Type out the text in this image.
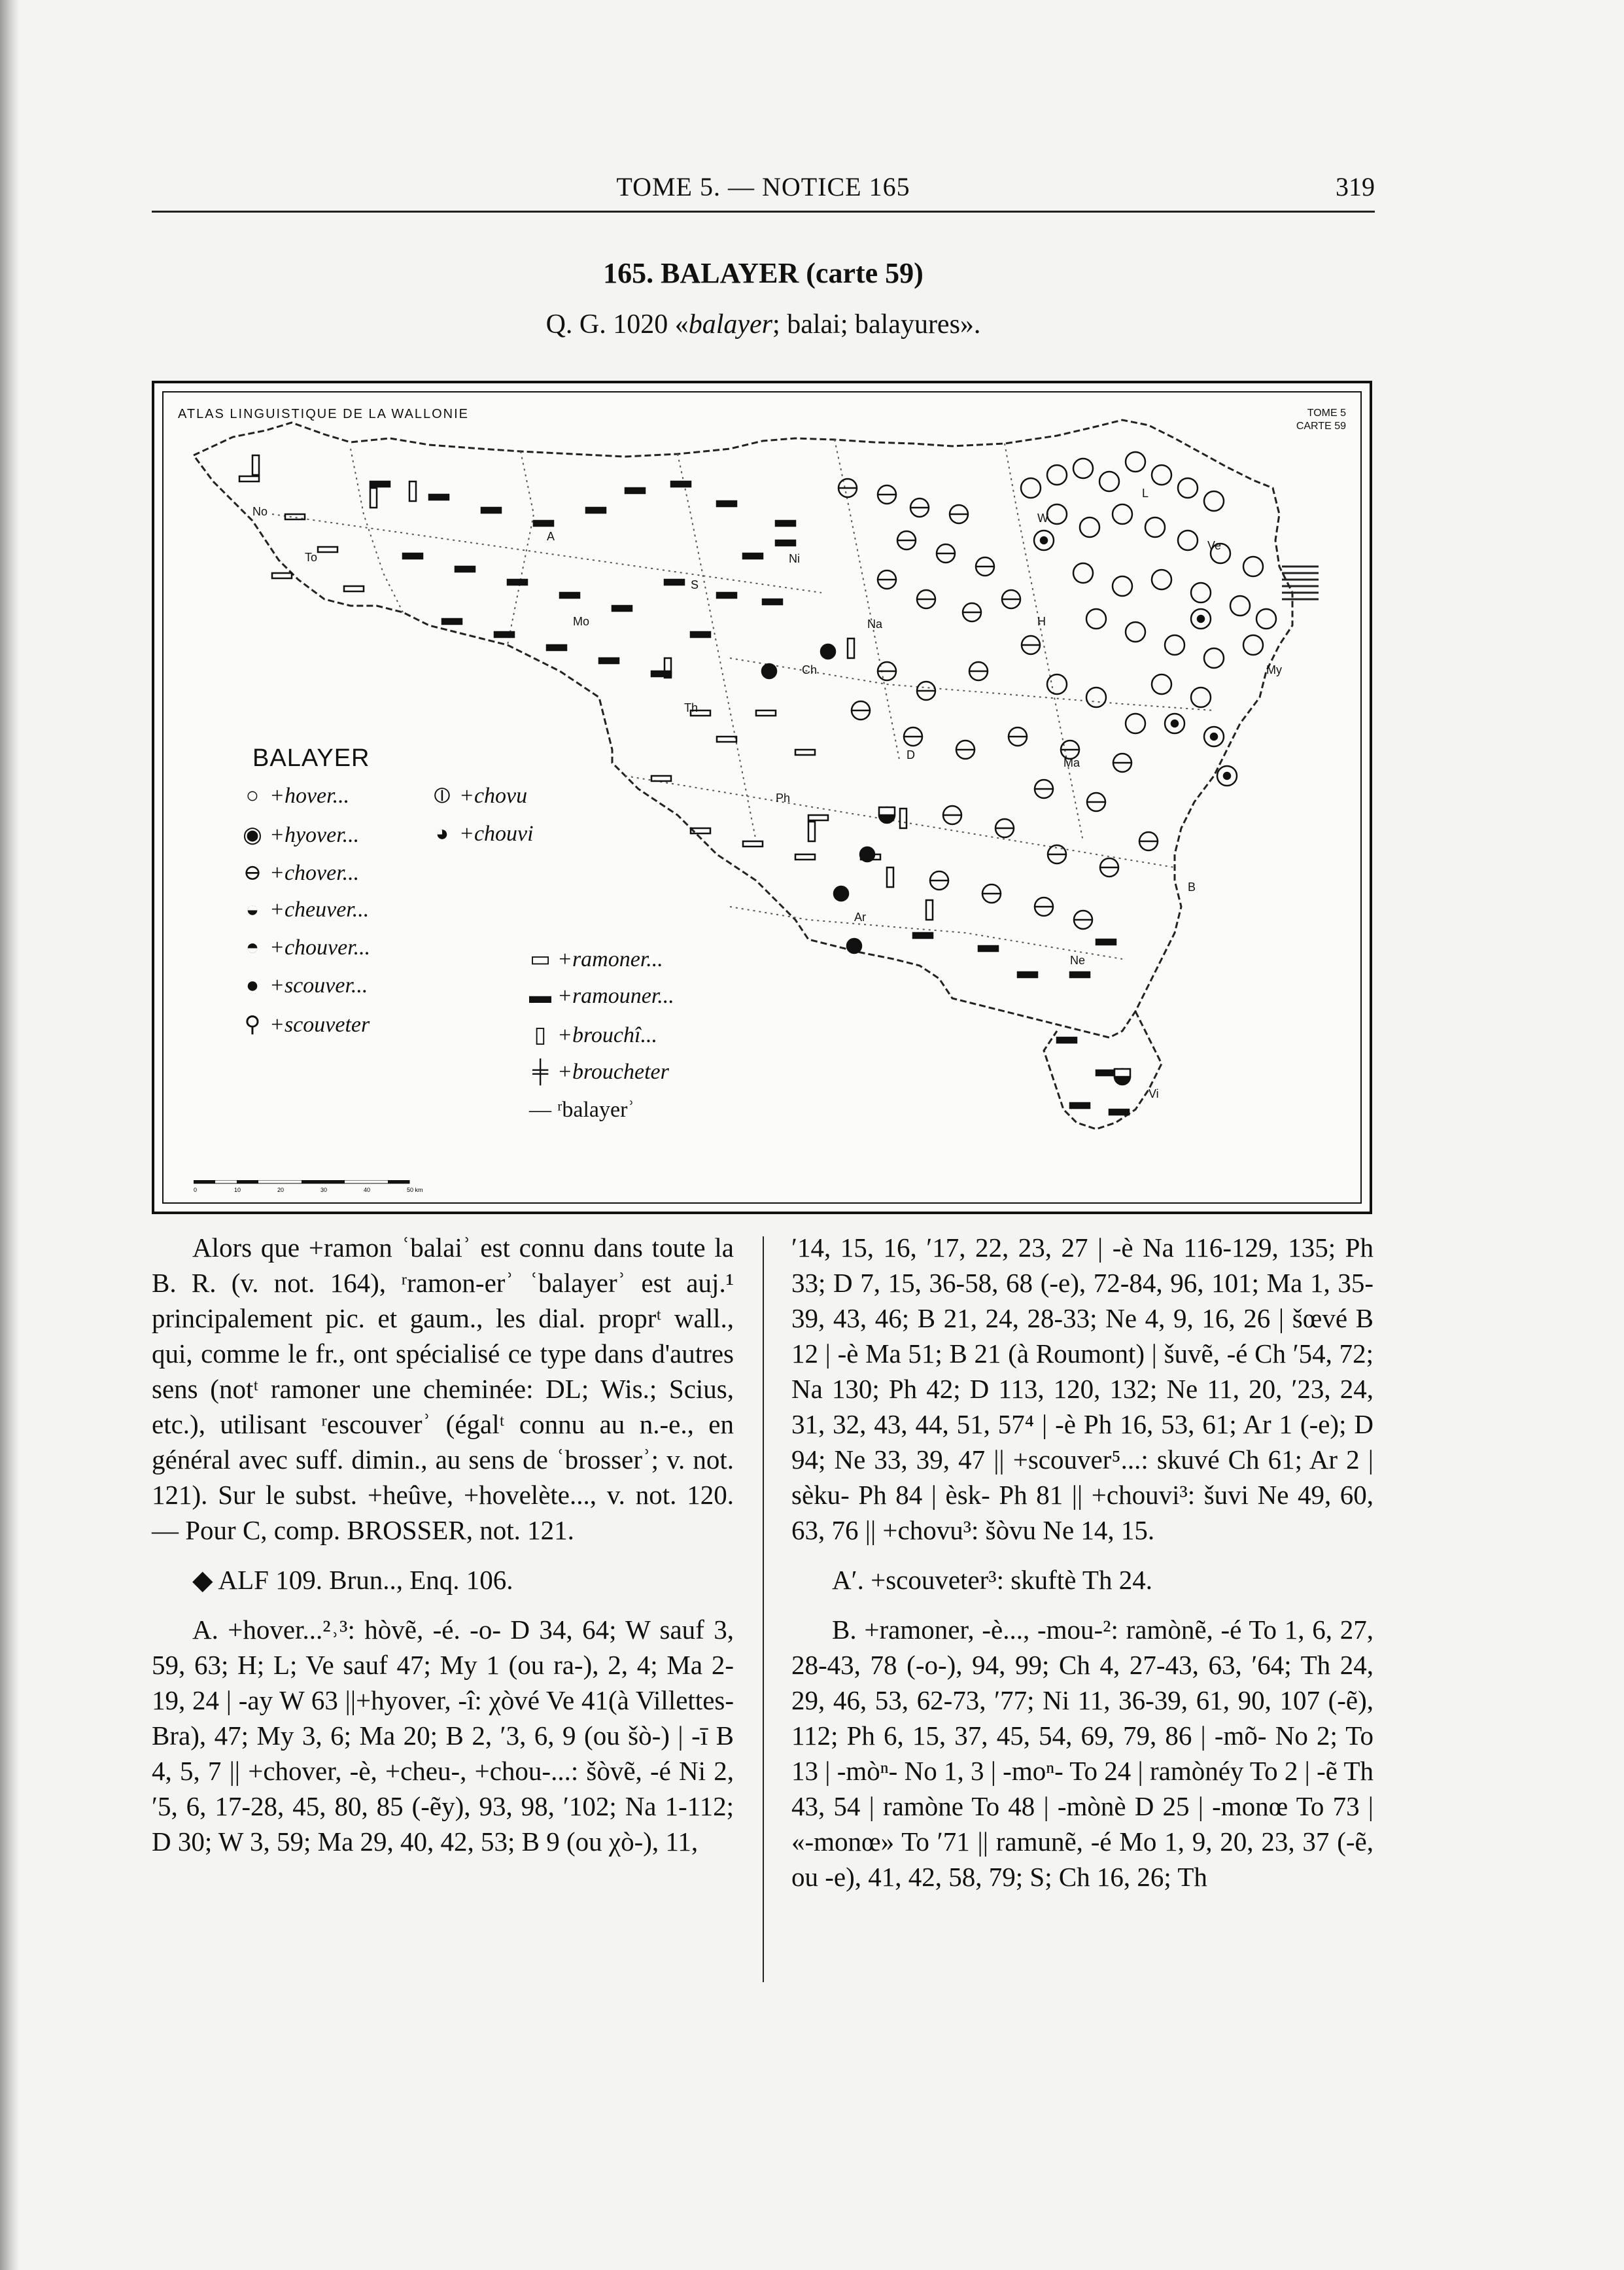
TOME 5. — NOTICE 165	319
165. BALAYER (carte 59)
Q. G. 1020 «balayer; balai; balayures».
ATLAS LINGUISTIQUE DE LA WALLONIE	TOME 5
CARTE 59
No
To
Mo
A
S
Ni
Ch
Th
Ph
D
Na	H
W
L
Ve
My
Ma
B
Ar
Ne
Vi
BALAYER
○ +hover...
◉ +hyover...
⊖ +chover...
◒ +cheuver...
◓ +chouver...
● +scouver...
⚲ +scouveter
⦶ +chovu
◕ +chouvi
▭ +ramoner...
▬ +ramouner...
▯ +brouchî...
╪ +broucheter
— ʳbalayerʾ
0	10	20	30	40	50 km

Alors que +ramon ʿbalaiʾ est connu dans toute la B. R. (v. not. 164), ʳramon-erʾ ʿbalayerʾ est auj.¹ principalement pic. et gaum., les dial. proprᵗ wall., qui, comme le fr., ont spécialisé ce type dans d'autres sens (notᵗ ramoner une cheminée: DL; Wis.; Scius, etc.), utilisant ʳescouverʾ (égalᵗ connu au n.-e., en général avec suff. dimin., au sens de ʿbrosserʾ; v. not. 121). Sur le subst. +heûve, +hovelète..., v. not. 120. — Pour C, comp. BROSSER, not. 121.

◆ ALF 109. Brun.., Enq. 106.

A. +hover...²˒³: hòvẽ, -é. -o- D 34, 64; W sauf 3, 59, 63; H; L; Ve sauf 47; My 1 (ou ra-), 2, 4; Ma 2-19, 24 | -ay W 63 ||+hyover, -î: χòvé Ve 41(à Villettes-Bra), 47; My 3, 6; Ma 20; B 2, ʹ3, 6, 9 (ou šò-) | -ī B 4, 5, 7 || +chover, -è, +cheu-, +chou-...: šòvẽ, -é Ni 2, ʹ5, 6, 17-28, 45, 80, 85 (-ẽy), 93, 98, ʹ102; Na 1-112; D 30; W 3, 59; Ma 29, 40, 42, 53; B 9 (ou χò-), 11,

ʹ14, 15, 16, ʹ17, 22, 23, 27 | -è Na 116-129, 135; Ph 33; D 7, 15, 36-58, 68 (-e), 72-84, 96, 101; Ma 1, 35-39, 43, 46; B 21, 24, 28-33; Ne 4, 9, 16, 26 | šœvé B 12 | -è Ma 51; B 21 (à Roumont) | šuvẽ, -é Ch ʹ54, 72; Na 130; Ph 42; D 113, 120, 132; Ne 11, 20, ʹ23, 24, 31, 32, 43, 44, 51, 57⁴ | -è Ph 16, 53, 61; Ar 1 (-e); D 94; Ne 33, 39, 47 || +scouver⁵...: skuvé Ch 61; Ar 2 | sèku- Ph 84 | èsk- Ph 81 || +chouvi³: šuvi Ne 49, 60, 63, 76 || +chovu³: šòvu Ne 14, 15.

A′. +scouveter³: skuftè Th 24.

B. +ramoner, -è..., -mou-²: ramònẽ, -é To 1, 6, 27, 28-43, 78 (-o-), 94, 99; Ch 4, 27-43, 63, ʹ64; Th 24, 29, 46, 53, 62-73, ʹ77; Ni 11, 36-39, 61, 90, 107 (-ẽ), 112; Ph 6, 15, 37, 45, 54, 69, 79, 86 | -mõ- No 2; To 13 | -mòⁿ- No 1, 3 | -moⁿ- To 24 | ramònéy To 2 | -ẽ Th 43, 54 | ramòne To 48 | -mònè D 25 | -monœ To 73 | «-monœ» To ʹ71 || ramunẽ, -é Mo 1, 9, 20, 23, 37 (-ẽ, ou -e), 41, 42, 58, 79; S; Ch 16, 26; Th
